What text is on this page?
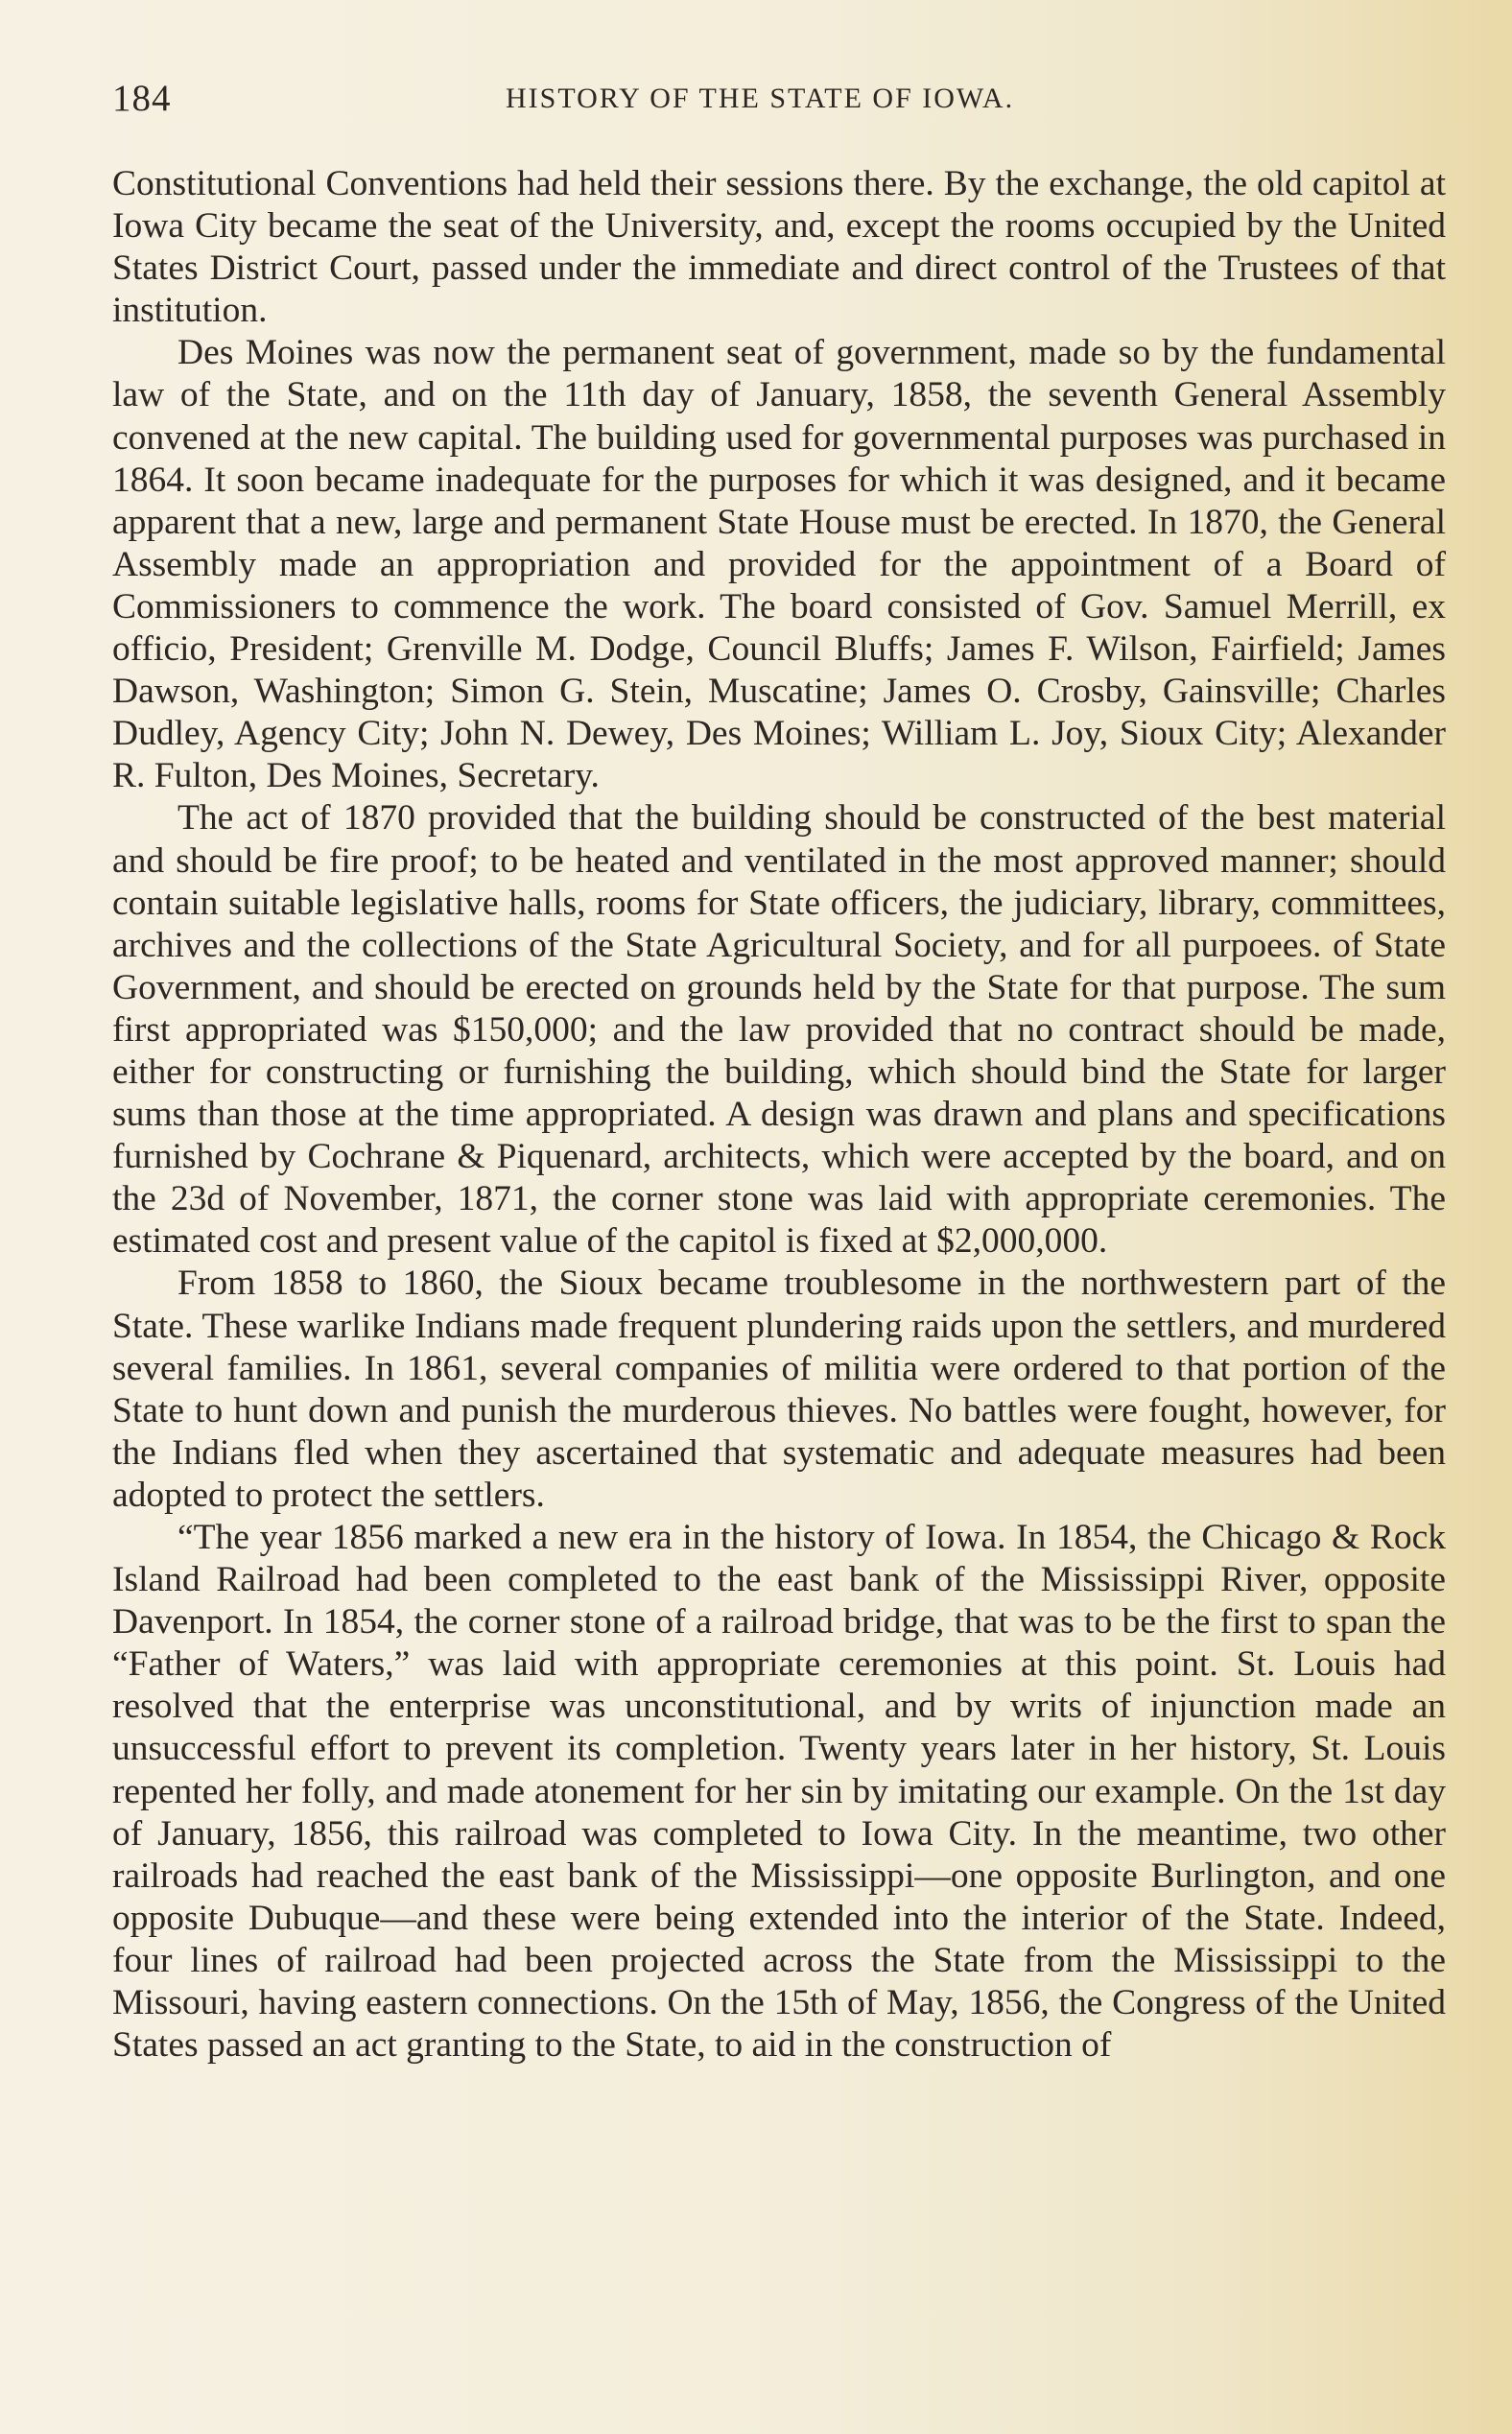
184	HISTORY OF THE STATE OF IOWA.

Constitutional Conventions had held their sessions there. By the exchange, the old capitol at Iowa City became the seat of the University, and, except the rooms occupied by the United States District Court, passed under the immediate and direct control of the Trustees of that institution.

Des Moines was now the permanent seat of government, made so by the fundamental law of the State, and on the 11th day of January, 1858, the seventh General Assembly convened at the new capital. The building used for governmental purposes was purchased in 1864. It soon became inadequate for the purposes for which it was designed, and it became apparent that a new, large and permanent State House must be erected. In 1870, the General Assembly made an appropriation and provided for the appointment of a Board of Commissioners to commence the work. The board consisted of Gov. Samuel Merrill, ex officio, President; Grenville M. Dodge, Council Bluffs; James F. Wilson, Fairfield; James Dawson, Washington; Simon G. Stein, Muscatine; James O. Crosby, Gainsville; Charles Dudley, Agency City; John N. Dewey, Des Moines; William L. Joy, Sioux City; Alexander R. Fulton, Des Moines, Secretary.

The act of 1870 provided that the building should be constructed of the best material and should be fire proof; to be heated and ventilated in the most approved manner; should contain suitable legislative halls, rooms for State officers, the judiciary, library, committees, archives and the collections of the State Agricultural Society, and for all purpoees. of State Government, and should be erected on grounds held by the State for that purpose. The sum first appropriated was $150,000; and the law provided that no contract should be made, either for constructing or furnishing the building, which should bind the State for larger sums than those at the time appropriated. A design was drawn and plans and specifications furnished by Cochrane & Piquenard, architects, which were accepted by the board, and on the 23d of November, 1871, the corner stone was laid with appropriate ceremonies. The estimated cost and present value of the capitol is fixed at $2,000,000.

From 1858 to 1860, the Sioux became troublesome in the northwestern part of the State. These warlike Indians made frequent plundering raids upon the settlers, and murdered several families. In 1861, several companies of militia were ordered to that portion of the State to hunt down and punish the murderous thieves. No battles were fought, however, for the Indians fled when they ascertained that systematic and adequate measures had been adopted to protect the settlers.

“The year 1856 marked a new era in the history of Iowa. In 1854, the Chicago & Rock Island Railroad had been completed to the east bank of the Mississippi River, opposite Davenport. In 1854, the corner stone of a railroad bridge, that was to be the first to span the “Father of Waters,” was laid with appropriate ceremonies at this point. St. Louis had resolved that the enterprise was unconstitutional, and by writs of injunction made an unsuccessful effort to prevent its completion. Twenty years later in her history, St. Louis repented her folly, and made atonement for her sin by imitating our example. On the 1st day of January, 1856, this railroad was completed to Iowa City. In the meantime, two other railroads had reached the east bank of the Mississippi—one opposite Burlington, and one opposite Dubuque—and these were being extended into the interior of the State. Indeed, four lines of railroad had been projected across the State from the Mississippi to the Missouri, having eastern connections. On the 15th of May, 1856, the Congress of the United States passed an act granting to the State, to aid in the construction of
